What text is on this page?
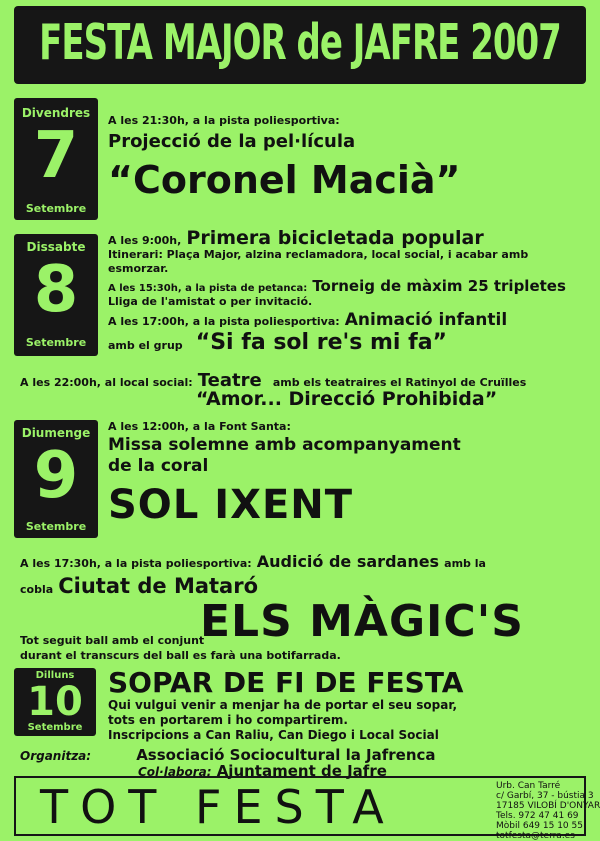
FESTA MAJOR de JAFRE 2007
Divendres
7
Setembre
A les 21:30h, a la pista poliesportiva:
Projecció de la pel·lícula
“Coronel Macià”
Dissabte
8
Setembre
A les 9:00h, Primera bicicletada popular
Itinerari: Plaça Major, alzina reclamadora, local social, i acabar amb
esmorzar.
A les 15:30h, a la pista de petanca: Torneig de màxim 25 tripletes
Lliga de l'amistat o per invitació.
A les 17:00h, a la pista poliesportiva: Animació infantil
amb el grup “Si fa sol re's mi fa”
A les 22:00h, al local social: Teatre amb els teatraires el Ratinyol de Cruïlles
“Amor... Direcció Prohibida”
Diumenge
9
Setembre
A les 12:00h, a la Font Santa:
Missa solemne amb acompanyament
de la coral
SOL IXENT
A les 17:30h, a la pista poliesportiva: Audició de sardanes amb la
cobla Ciutat de Mataró
Tot seguit ball amb el conjunt
durant el transcurs del ball es farà una botifarrada.
ELS MÀGIC'S
Dilluns
10
Setembre
SOPAR DE FI DE FESTA
Qui vulgui venir a menjar ha de portar el seu sopar,
tots en portarem i ho compartirem.
Inscripcions a Can Raliu, Can Diego i Local Social
Organitza:	Associació Sociocultural la Jafrenca
Col·labora: Ajuntament de Jafre
TOT FESTA	Urb. Can Tarré
c/ Garbí, 37 - bústia 3
17185 VILOBÍ D'ONYAR
Tels. 972 47 41 69
Mòbil 649 15 10 55
totfesta@terra.es
